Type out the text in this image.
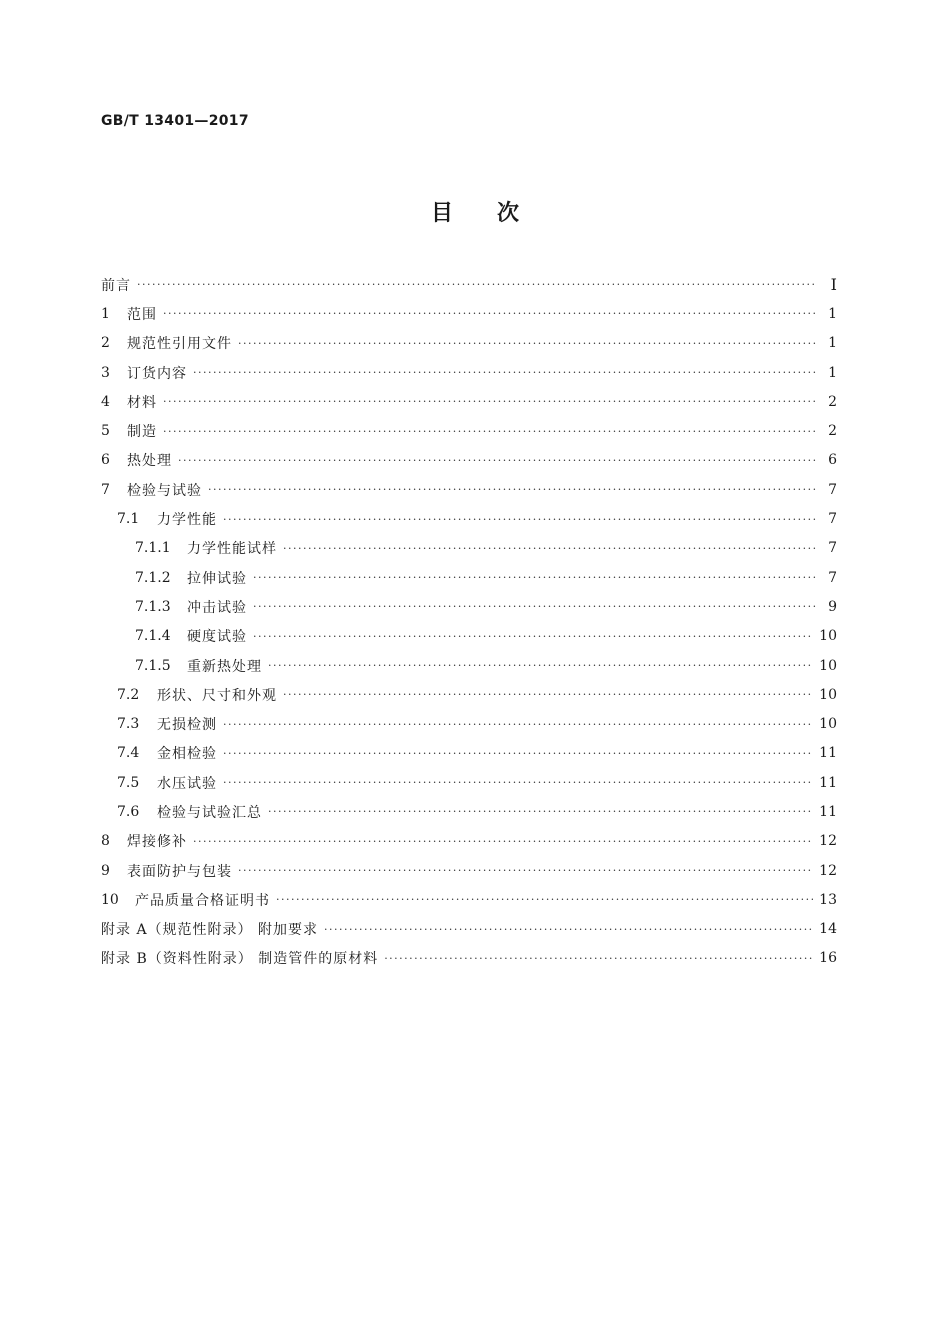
GB/T 13401—2017
目次
前言 ·····	I
1	范围 ·····	1
2	规范性引用文件 ·····	1
3	订货内容 ·····	1
4	材料 ·····	2
5	制造 ·····	2
6	热处理 ·····	6
7	检验与试验 ·····	7
7.1	力学性能 ·····	7
7.1.1	力学性能试样 ·····	7
7.1.2	拉伸试验 ·····	7
7.1.3	冲击试验 ·····	9
7.1.4	硬度试验 ·····	10
7.1.5	重新热处理 ·····	10
7.2	形状、尺寸和外观 ·····	10
7.3	无损检测 ·····	10
7.4	金相检验 ·····	11
7.5	水压试验 ·····	11
7.6	检验与试验汇总 ·····	11
8	焊接修补 ·····	12
9	表面防护与包装 ·····	12
10	产品质量合格证明书 ·····	13
附录 A（规范性附录） 附加要求 ·····	14
附录 B（资料性附录） 制造管件的原材料 ·····	16
